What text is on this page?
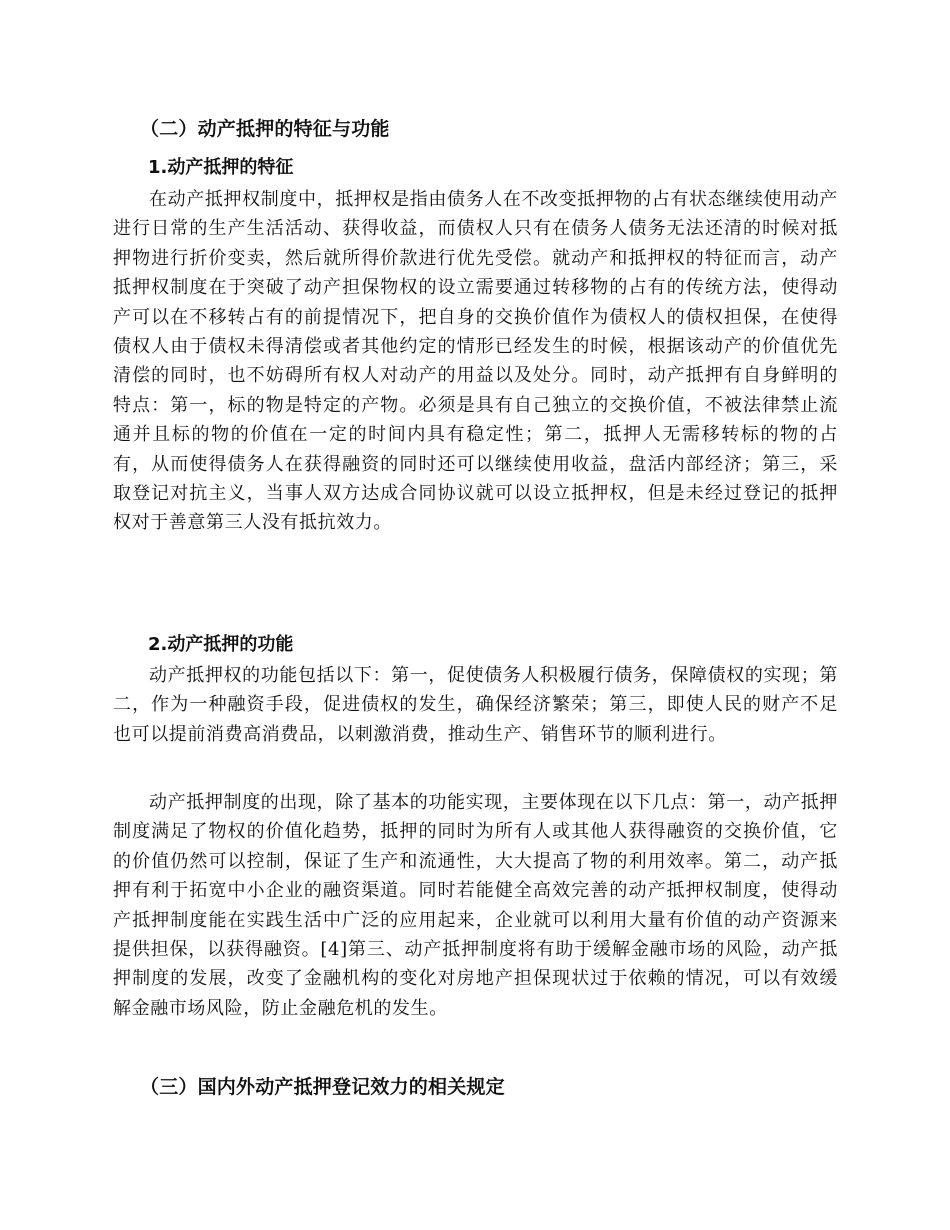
（二）动产抵押的特征与功能
1.动产抵押的特征

在动产抵押权制度中，抵押权是指由债务人在不改变抵押物的占有状态继续使用动产进行日常的生产生活活动、获得收益，而债权人只有在债务人债务无法还清的时候对抵押物进行折价变卖，然后就所得价款进行优先受偿。就动产和抵押权的特征而言，动产抵押权制度在于突破了动产担保物权的设立需要通过转移物的占有的传统方法，使得动产可以在不移转占有的前提情况下，把自身的交换价值作为债权人的债权担保，在使得债权人由于债权未得清偿或者其他约定的情形已经发生的时候，根据该动产的价值优先清偿的同时，也不妨碍所有权人对动产的用益以及处分。同时，动产抵押有自身鲜明的特点：第一，标的物是特定的产物。必须是具有自己独立的交换价值，不被法律禁止流通并且标的物的价值在一定的时间内具有稳定性；第二，抵押人无需移转标的物的占有，从而使得债务人在获得融资的同时还可以继续使用收益，盘活内部经济；第三，采取登记对抗主义，当事人双方达成合同协议就可以设立抵押权，但是未经过登记的抵押权对于善意第三人没有抵抗效力。

2.动产抵押的功能

动产抵押权的功能包括以下：第一，促使债务人积极履行债务，保障债权的实现；第二，作为一种融资手段，促进债权的发生，确保经济繁荣；第三，即使人民的财产不足也可以提前消费高消费品，以刺激消费，推动生产、销售环节的顺利进行。

动产抵押制度的出现，除了基本的功能实现，主要体现在以下几点：第一，动产抵押制度满足了物权的价值化趋势，抵押的同时为所有人或其他人获得融资的交换价值，它的价值仍然可以控制，保证了生产和流通性，大大提高了物的利用效率。第二，动产抵押有利于拓宽中小企业的融资渠道。同时若能健全高效完善的动产抵押权制度，使得动产抵押制度能在实践生活中广泛的应用起来，企业就可以利用大量有价值的动产资源来提供担保，以获得融资。[4]第三、动产抵押制度将有助于缓解金融市场的风险，动产抵押制度的发展，改变了金融机构的变化对房地产担保现状过于依赖的情况，可以有效缓解金融市场风险，防止金融危机的发生。

（三）国内外动产抵押登记效力的相关规定
